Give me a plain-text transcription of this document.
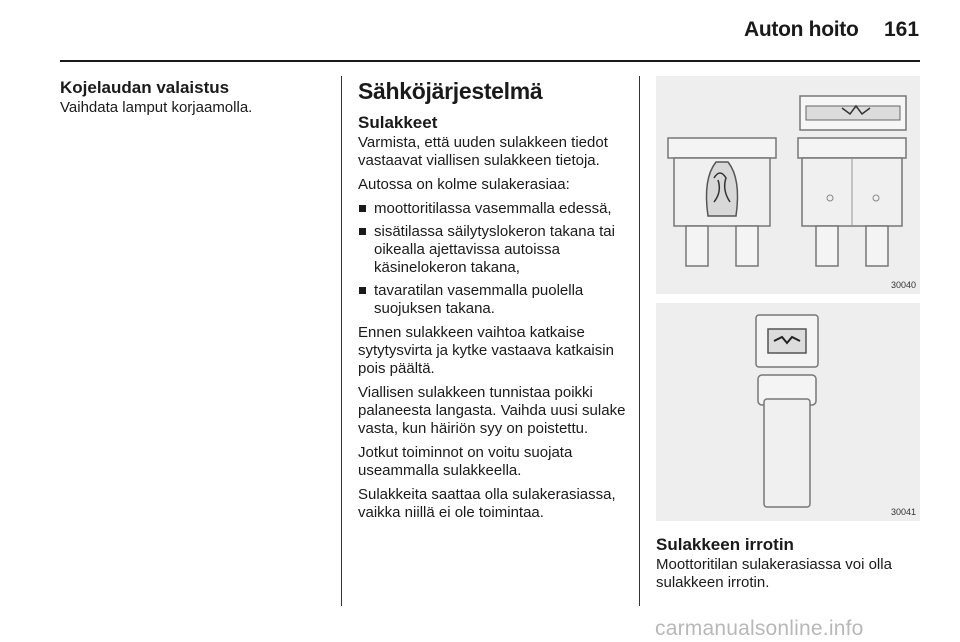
Auton hoito 161
Kojelaudan valaistus

Vaihdata lamput korjaamolla.

Sähköjärjestelmä
Sulakkeet

Varmista, että uuden sulakkeen tiedot vastaavat viallisen sulakkeen tietoja.

Autossa on kolme sulakerasiaa:

moottoritilassa vasemmalla edessä,
sisätilassa säilytyslokeron takana tai oikealla ajettavissa autoissa käsinelokeron takana,
tavaratilan vasemmalla puolella suojuksen takana.

Ennen sulakkeen vaihtoa katkaise sytytysvirta ja kytke vastaava katkaisin pois päältä.

Viallisen sulakkeen tunnistaa poikki palaneesta langasta. Vaihda uusi sulake vasta, kun häiriön syy on poistettu.

Jotkut toiminnot on voitu suojata useammalla sulakkeella.

Sulakkeita saattaa olla sulakerasiassa, vaikka niillä ei ole toimintaa.

30040
30041
Sulakkeen irrotin

Moottoritilan sulakerasiassa voi olla sulakkeen irrotin.

carmanualsonline.info
